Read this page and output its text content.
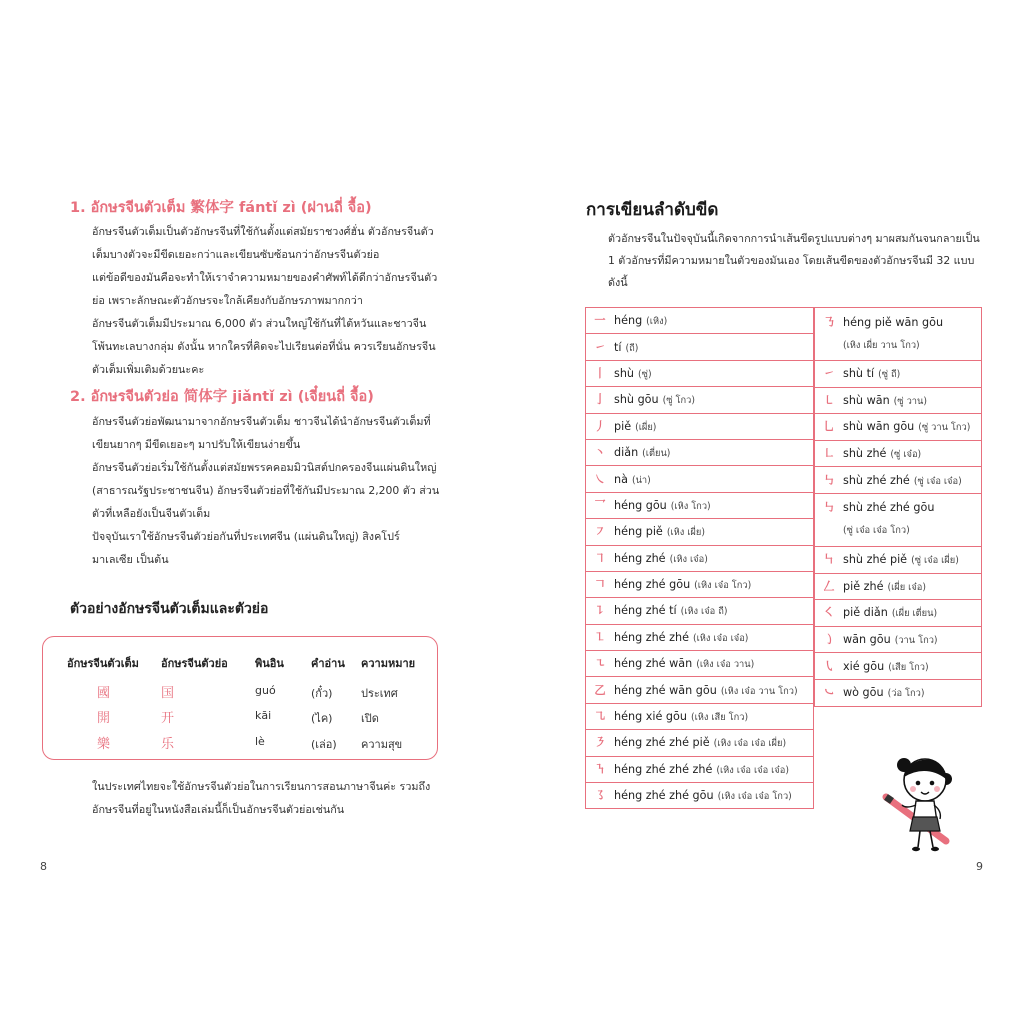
1. อักษรจีนตัวเต็ม 繁体字 fántǐ zì (ฝานถี่ จื้อ)
อักษรจีนตัวเต็มเป็นตัวอักษรจีนที่ใช้กันตั้งแต่สมัยราชวงศ์ฮั่น ตัวอักษรจีนตัวเต็มบางตัวจะมีขีดเยอะกว่าและเขียนซับซ้อนกว่าอักษรจีนตัวย่อ
แต่ข้อดีของมันคือจะทำให้เราจำความหมายของคำศัพท์ได้ดีกว่าอักษรจีนตัวย่อ เพราะลักษณะตัวอักษรจะใกล้เคียงกับอักษรภาพมากกว่า
อักษรจีนตัวเต็มมีประมาณ 6,000 ตัว ส่วนใหญ่ใช้กันที่ไต้หวันและชาวจีนโพ้นทะเลบางกลุ่ม ดังนั้น หากใครที่คิดจะไปเรียนต่อที่นั่น ควรเรียนอักษรจีนตัวเต็มเพิ่มเติมด้วยนะคะ
2. อักษรจีนตัวย่อ 简体字 jiǎntǐ zì (เจี๋ยนถี่ จื้อ)
อักษรจีนตัวย่อพัฒนามาจากอักษรจีนตัวเต็ม ชาวจีนได้นำอักษรจีนตัวเต็มที่เขียนยากๆ มีขีดเยอะๆ มาปรับให้เขียนง่ายขึ้น
อักษรจีนตัวย่อเริ่มใช้กันตั้งแต่สมัยพรรคคอมมิวนิสต์ปกครองจีนแผ่นดินใหญ่ (สาธารณรัฐประชาชนจีน) อักษรจีนตัวย่อที่ใช้กันมีประมาณ 2,200 ตัว ส่วนตัวที่เหลือยังเป็นจีนตัวเต็ม
ปัจจุบันเราใช้อักษรจีนตัวย่อกันที่ประเทศจีน (แผ่นดินใหญ่) สิงคโปร์ มาเลเซีย เป็นต้น
ตัวอย่างอักษรจีนตัวเต็มและตัวย่อ
อักษรจีนตัวเต็ม อักษรจีนตัวย่อ พินอิน คำอ่าน ความหมาย
國	国	guó	(กั๋ว)	ประเทศ
開	开	kāi	(ไค)	เปิด
樂	乐	lè	(เล่อ) ความสุข
ในประเทศไทยจะใช้อักษรจีนตัวย่อในการเรียนการสอนภาษาจีนค่ะ รวมถึงอักษรจีนที่อยู่ในหนังสือเล่มนี้ก็เป็นอักษรจีนตัวย่อเช่นกัน
8
การเขียนลำดับขีด
ตัวอักษรจีนในปัจจุบันนี้เกิดจากการนำเส้นขีดรูปแบบต่างๆ มาผสมกันจนกลายเป็น 1 ตัวอักษรที่มีความหมายในตัวของมันเอง โดยเส้นขีดของตัวอักษรจีนมี 32 แบบ ดังนี้
一 héng (เหิง)
㇀ tí (ถี)
丨 shù (ซู่)
亅 shù gōu (ซู่ โกว)
丿 piě (เผี่ย)
丶 diǎn (เตี่ยน)
㇏ nà (น่า)
乛 héng gōu (เหิง โกว)
㇇ héng piě (เหิง เผี่ย)
㇕ héng zhé (เหิง เจ๋อ)
𠃍 héng zhé gōu (เหิง เจ๋อ โกว)
㇊ héng zhé tí (เหิง เจ๋อ ถี)
㇅ héng zhé zhé (เหิง เจ๋อ เจ๋อ)
㇍ héng zhé wān (เหิง เจ๋อ วาน)
乙 héng zhé wān gōu (เหิง เจ๋อ วาน โกว)
㇈ héng xié gōu (เหิง เสีย โกว)
㇋ héng zhé zhé piě (เหิง เจ๋อ เจ๋อ เผี่ย)
㇎ héng zhé zhé zhé (เหิง เจ๋อ เจ๋อ เจ๋อ)
㇌ héng zhé zhé gōu (เหิง เจ๋อ เจ๋อ โกว)
㇡ héng piě wān gōu
(เหิง เผี่ย วาน โกว)
㇀ shù tí (ซู่ ถี)
㇄ shù wān (ซู่ วาน)
乚 shù wān gōu (ซู่ วาน โกว)
㇗ shù zhé (ซู่ เจ๋อ)
㇉ shù zhé zhé (ซู่ เจ๋อ เจ๋อ)
㇉ shù zhé zhé gōu
(ซู่ เจ๋อ เจ๋อ โกว)
㇞ shù zhé piě (ซู่ เจ๋อ เผี่ย)
𠃋 piě zhé (เผี่ย เจ๋อ)
㇛ piě diǎn (เผี่ย เตี่ยน)
㇁ wān gōu (วาน โกว)
㇂ xié gōu (เสีย โกว)
㇃ wò gōu (ว่อ โกว)
9
